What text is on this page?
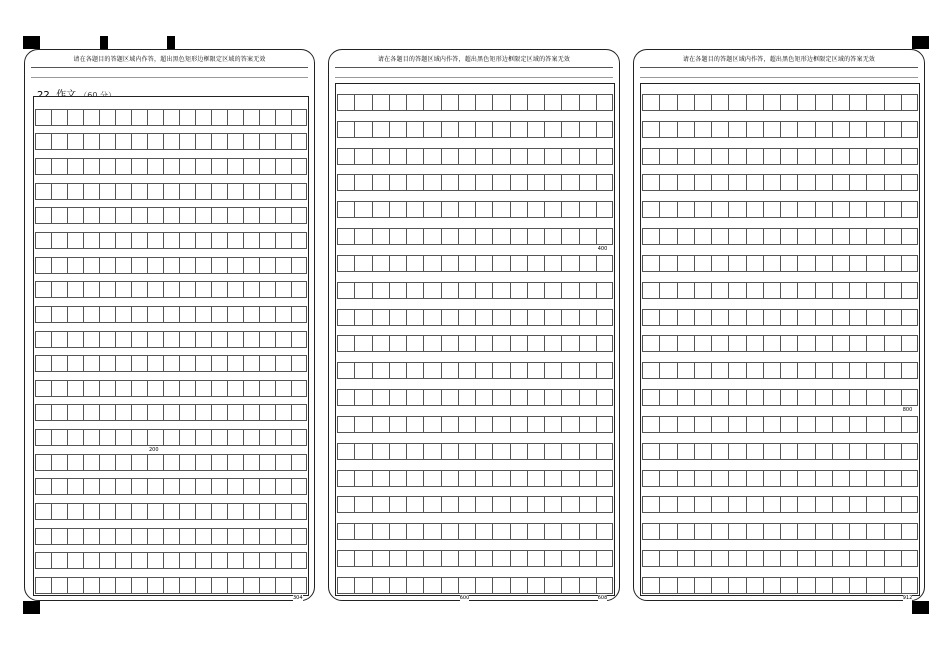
请在各题目的答题区域内作答，超出黑色矩形边框限定区域的答案无效
200
304
请在各题目的答题区域内作答，超出黑色矩形边框限定区域的答案无效
400
600	608
请在各题目的答题区域内作答，超出黑色矩形边框限定区域的答案无效
800
912
